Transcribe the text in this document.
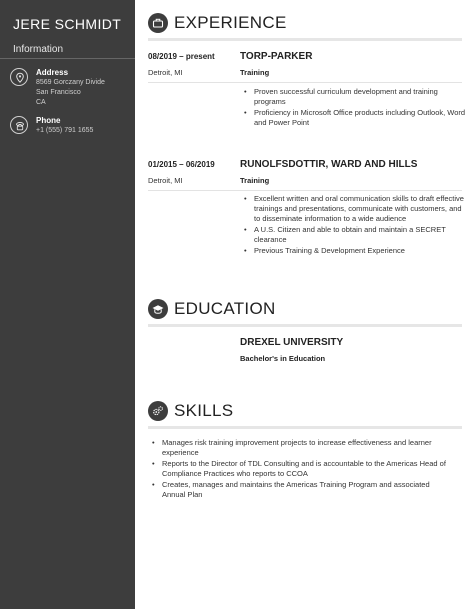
JERE SCHMIDT
Information
Address
8569 Gorczany Divide
San Francisco
CA
Phone
+1 (555) 791 1655
EXPERIENCE
08/2019 – present
Detroit, MI
TORP-PARKER
Training
• Proven successful curriculum development and training programs
• Proficiency in Microsoft Office products including Outlook, Word and Power Point
01/2015 – 06/2019
Detroit, MI
RUNOLFSDOTTIR, WARD AND HILLS
Training
• Excellent written and oral communication skills to draft effective trainings and presentations, communicate with customers, and to disseminate information to a wide audience
• A U.S. Citizen and able to obtain and maintain a SECRET clearance
• Previous Training & Development Experience
EDUCATION
DREXEL UNIVERSITY
Bachelor's in Education
SKILLS
• Manages risk training improvement projects to increase effectiveness and learner experience
• Reports to the Director of TDL Consulting and is accountable to the Americas Head of Compliance Practices who reports to CCOA
• Creates, manages and maintains the Americas Training Program and associated Annual Plan
